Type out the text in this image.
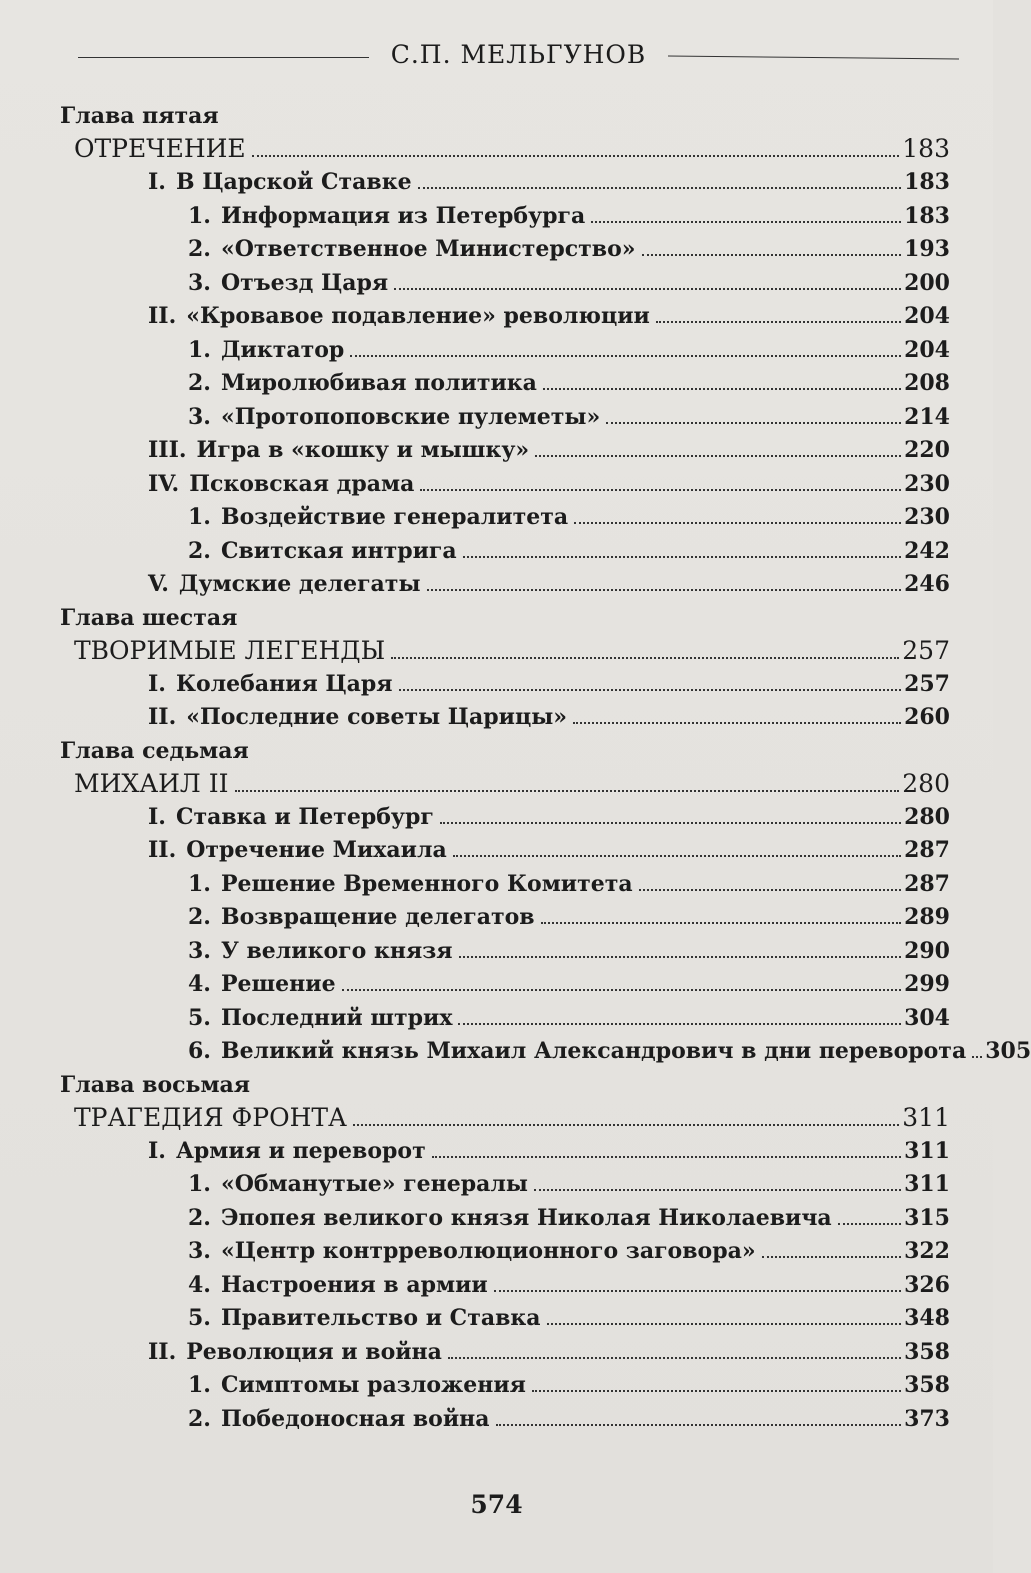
С.П. МЕЛЬГУНОВ
Глава пятая
ОТРЕЧЕНИЕ	183
I. В Царской Ставке	183
1. Информация из Петербурга	183
2. «Ответственное Министерство»	193
3. Отъезд Царя	200
II. «Кровавое подавление» революции	204
1. Диктатор	204
2. Миролюбивая политика	208
3. «Протопоповские пулеметы»	214
III. Игра в «кошку и мышку»	220
IV. Псковская драма	230
1. Воздействие генералитета	230
2. Свитская интрига	242
V. Думские делегаты	246
Глава шестая
ТВОРИМЫЕ ЛЕГЕНДЫ	257
I. Колебания Царя	257
II. «Последние советы Царицы»	260
Глава седьмая
МИХАИЛ II	280
I. Ставка и Петербург	280
II. Отречение Михаила	287
1. Решение Временного Комитета	287
2. Возвращение делегатов	289
3. У великого князя	290
4. Решение	299
5. Последний штрих	304
6. Великий князь Михаил Александрович в дни переворота 305
Глава восьмая
ТРАГЕДИЯ ФРОНТА	311
I. Армия и переворот	311
1. «Обманутые» генералы	311
2. Эпопея великого князя Николая Николаевича	315
3. «Центр контрреволюционного заговора»	322
4. Настроения в армии	326
5. Правительство и Ставка	348
II. Революция и война	358
1. Симптомы разложения	358
2. Победоносная война	373
574
